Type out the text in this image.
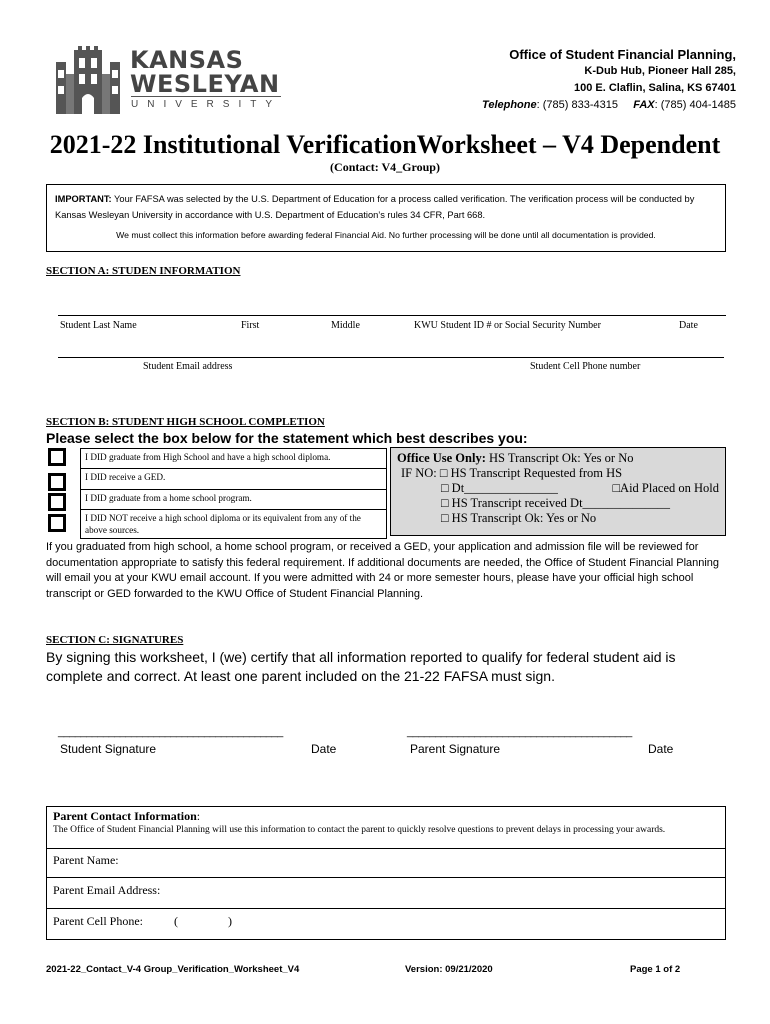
KANSAS
WESLEYAN
UNIVERSITY
Office of Student Financial Planning,
K-Dub Hub, Pioneer Hall 285,
100 E. Claflin, Salina, KS 67401
Telephone: (785) 833-4315 FAX: (785) 404-1485
2021-22 Institutional VerificationWorksheet – V4 Dependent
(Contact: V4_Group)
IMPORTANT: Your FAFSA was selected by the U.S. Department of Education for a process called verification. The verification process will be conducted by Kansas Wesleyan University in accordance with U.S. Department of Education’s rules 34 CFR, Part 668.
We must collect this information before awarding federal Financial Aid. No further processing will be done until all documentation is provided.
SECTION A: STUDEN INFORMATION
Student Last Name	First	Middle	KWU Student ID # or Social Security Number	Date
Student Email address	Student Cell Phone number
SECTION B: STUDENT HIGH SCHOOL COMPLETION
Please select the box below for the statement which best describes you:
I DID graduate from High School and have a high school diploma.
I DID receive a GED.
I DID graduate from a home school program.
I DID NOT receive a high school diploma or its equivalent from any of the above sources.
Office Use Only: HS Transcript Ok: Yes or No
IF NO: □ HS Transcript Requested from HS
□ Dt_______________	□Aid Placed on Hold
□ HS Transcript received Dt______________
□ HS Transcript Ok: Yes or No
If you graduated from high school, a home school program, or received a GED, your application and admission file will be reviewed for documentation appropriate to satisfy this federal requirement. If additional documents are needed, the Office of Student Financial Planning will email you at your KWU email account. If you were admitted with 24 or more semester hours, please have your official high school transcript or GED forwarded to the KWU Office of Student Financial Planning.
SECTION C: SIGNATURES
By signing this worksheet, I (we) certify that all information reported to qualify for federal student aid is complete and correct. At least one parent included on the 21-22 FAFSA must sign.
________________________________________	________________________________________
Student Signature	Date	Parent Signature	Date
Parent Contact Information:
The Office of Student Financial Planning will use this information to contact the parent to quickly resolve questions to prevent delays in processing your awards.
Parent Name:
Parent Email Address:
Parent Cell Phone:	(	)
2021-22_Contact_V-4 Group_Verification_Worksheet_V4	Version: 09/21/2020	Page 1 of 2
